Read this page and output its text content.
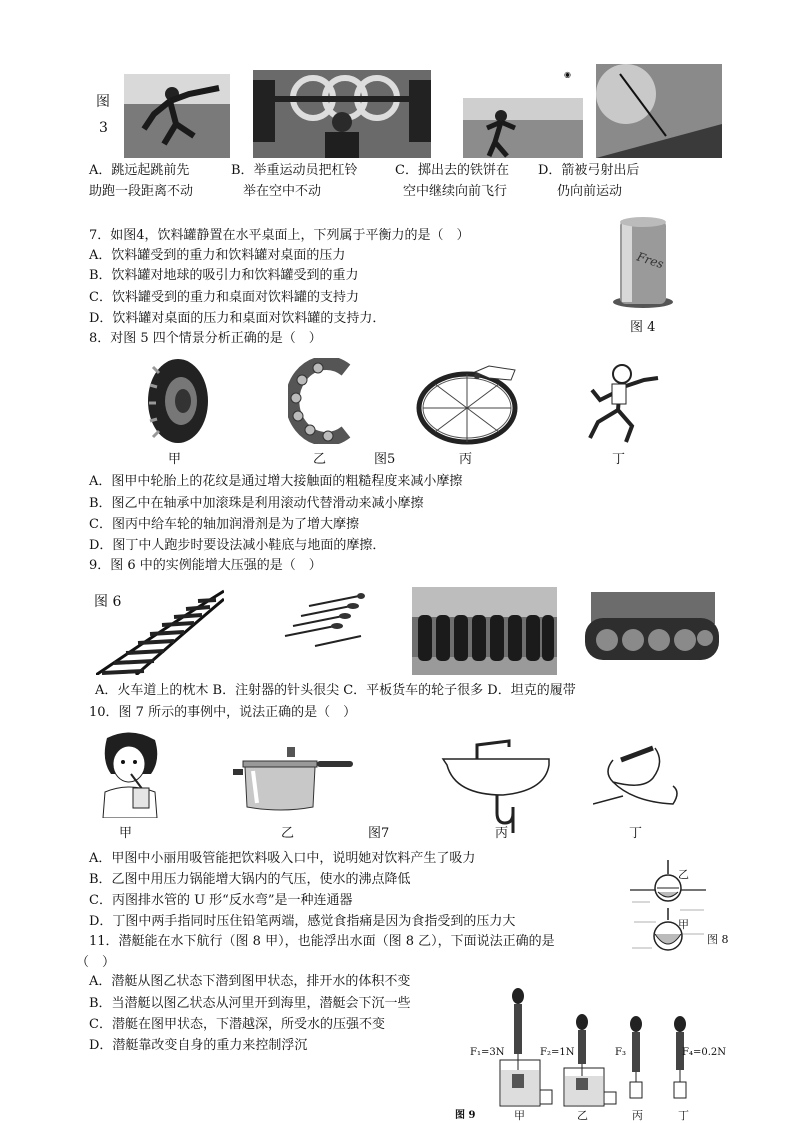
图
3
◉
A．跳远起跳前先
助跑一段距离不动
B．举重运动员把杠铃
举在空中不动
C．掷出去的铁饼在
空中继续向前飞行
D．箭被弓射出后
仍向前运动
7．如图4，饮料罐静置在水平桌面上，下列属于平衡力的是（　）
A．饮料罐受到的重力和饮料罐对桌面的压力
B．饮料罐对地球的吸引力和饮料罐受到的重力
C．饮料罐受到的重力和桌面对饮料罐的支持力
D．饮料罐对桌面的压力和桌面对饮料罐的支持力．
Fres
图 4
8．对图 5 四个情景分析正确的是（　）
甲	乙	图5	丙	丁
A．图甲中轮胎上的花纹是通过增大接触面的粗糙程度来减小摩擦
B．图乙中在轴承中加滚珠是利用滚动代替滑动来减小摩擦
C．图丙中给车轮的轴加润滑剂是为了增大摩擦
D．图丁中人跑步时要设法减小鞋底与地面的摩擦．
9．图 6 中的实例能增大压强的是（　）
图 6
A．火车道上的枕木 B．注射器的针头很尖 C．平板货车的轮子很多 D．坦克的履带
10．图 7 所示的事例中，说法正确的是（　）
甲	乙	图7	丙	丁
A．甲图中小丽用吸管能把饮料吸入口中，说明她对饮料产生了吸力
B．乙图中用压力锅能增大锅内的气压，使水的沸点降低
C．丙图排水管的 U 形“反水弯”是一种连通器
D．丁图中两手指同时压住铅笔两端，感觉食指痛是因为食指受到的压力大
乙
甲
图 8
11．潜艇能在水下航行（图 8 甲），也能浮出水面（图 8 乙），下面说法正确的是
（　）
A．潜艇从图乙状态下潜到图甲状态，排开水的体积不变
B．当潜艇以图乙状态从河里开到海里，潜艇会下沉一些
C．潜艇在图甲状态，下潜越深，所受水的压强不变
D．潜艇靠改变自身的重力来控制浮沉	F₁=3N	F₂=1N	F₃	F₄=0.2N
图 9	甲	乙	丙	丁
